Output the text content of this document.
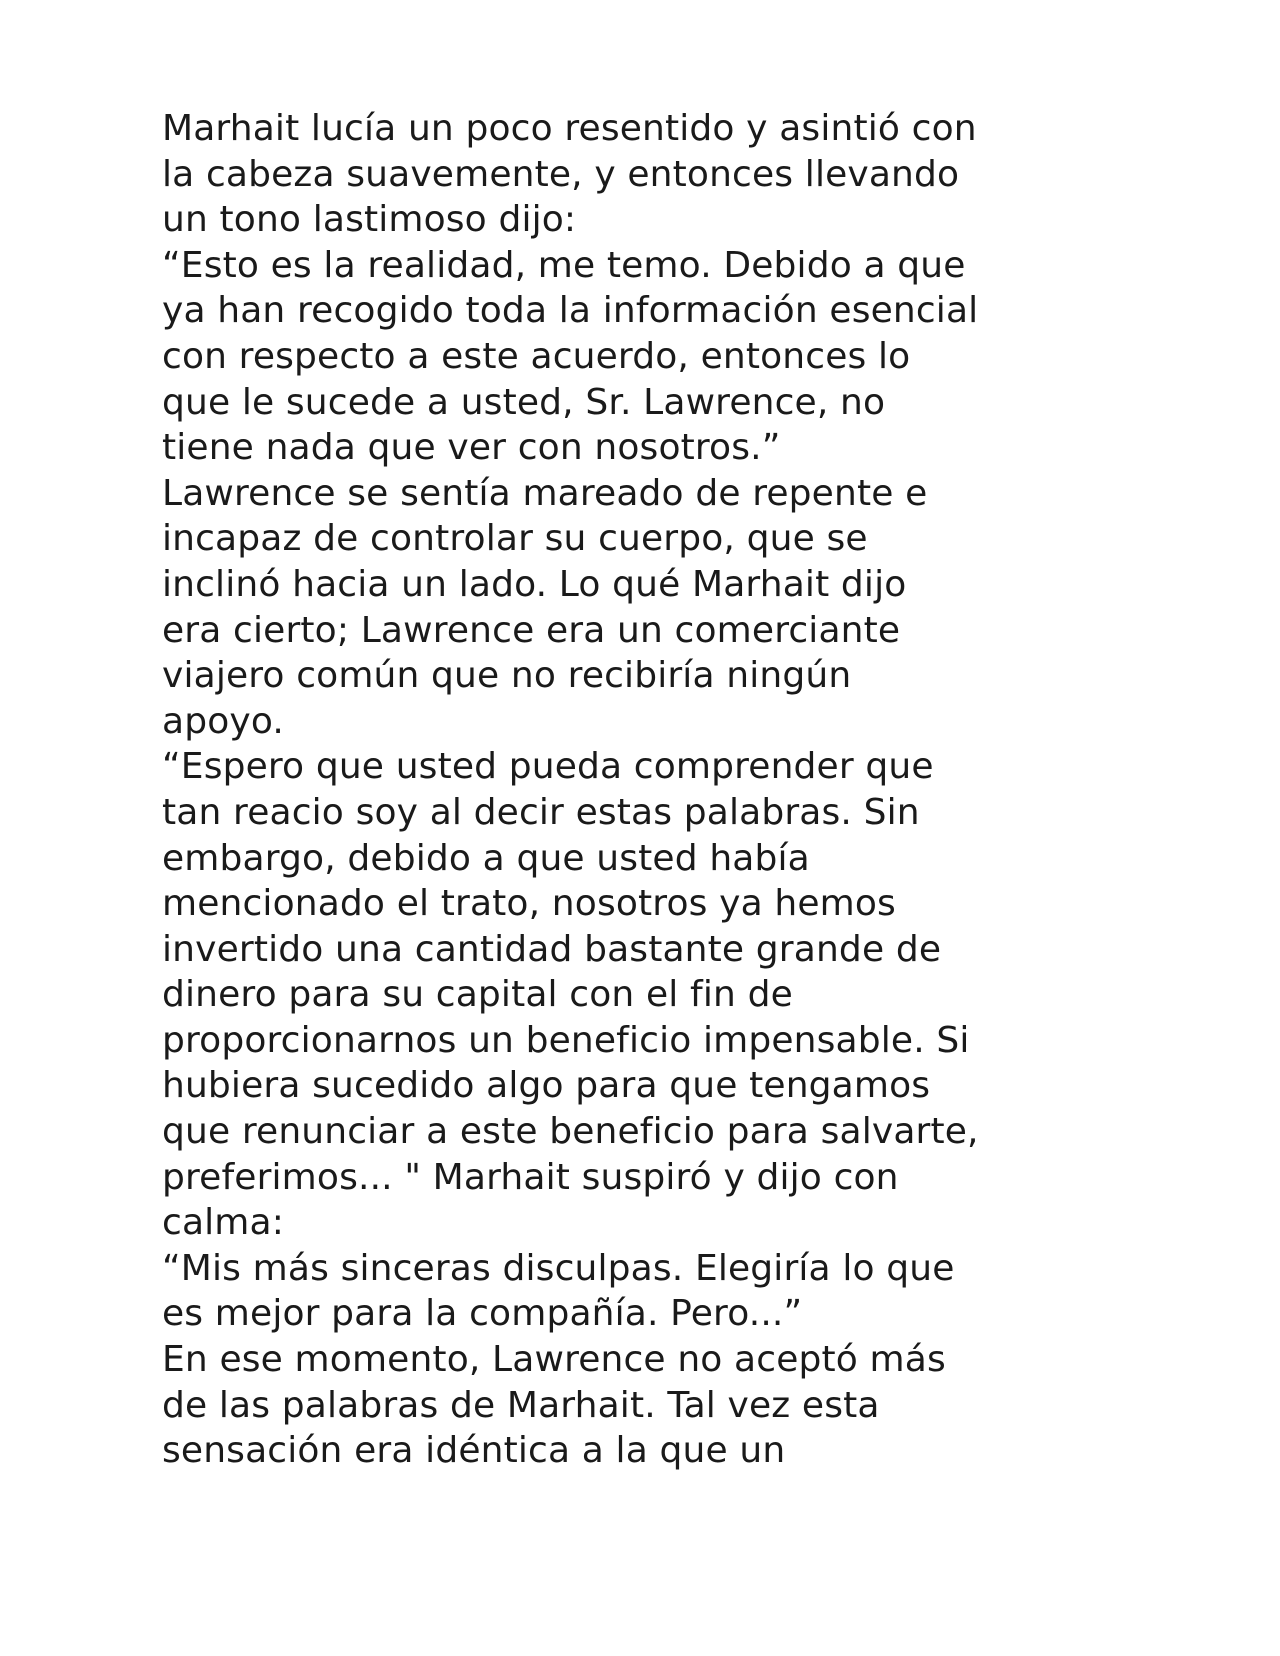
Marhait lucía un poco resentido y asintió con
la cabeza suavemente, y entonces llevando
un tono lastimoso dijo:
“Esto es la realidad, me temo. Debido a que
ya han recogido toda la información esencial
con respecto a este acuerdo, entonces lo
que le sucede a usted, Sr. Lawrence, no
tiene nada que ver con nosotros.”
Lawrence se sentía mareado de repente e
incapaz de controlar su cuerpo, que se
inclinó hacia un lado. Lo qué Marhait dijo
era cierto; Lawrence era un comerciante
viajero común que no recibiría ningún
apoyo.
“Espero que usted pueda comprender que
tan reacio soy al decir estas palabras. Sin
embargo, debido a que usted había
mencionado el trato, nosotros ya hemos
invertido una cantidad bastante grande de
dinero para su capital con el fin de
proporcionarnos un beneficio impensable. Si
hubiera sucedido algo para que tengamos
que renunciar a este beneficio para salvarte,
preferimos... " Marhait suspiró y dijo con
calma:
“Mis más sinceras disculpas. Elegiría lo que
es mejor para la compañía. Pero...”
En ese momento, Lawrence no aceptó más
de las palabras de Marhait. Tal vez esta
sensación era idéntica a la que un
